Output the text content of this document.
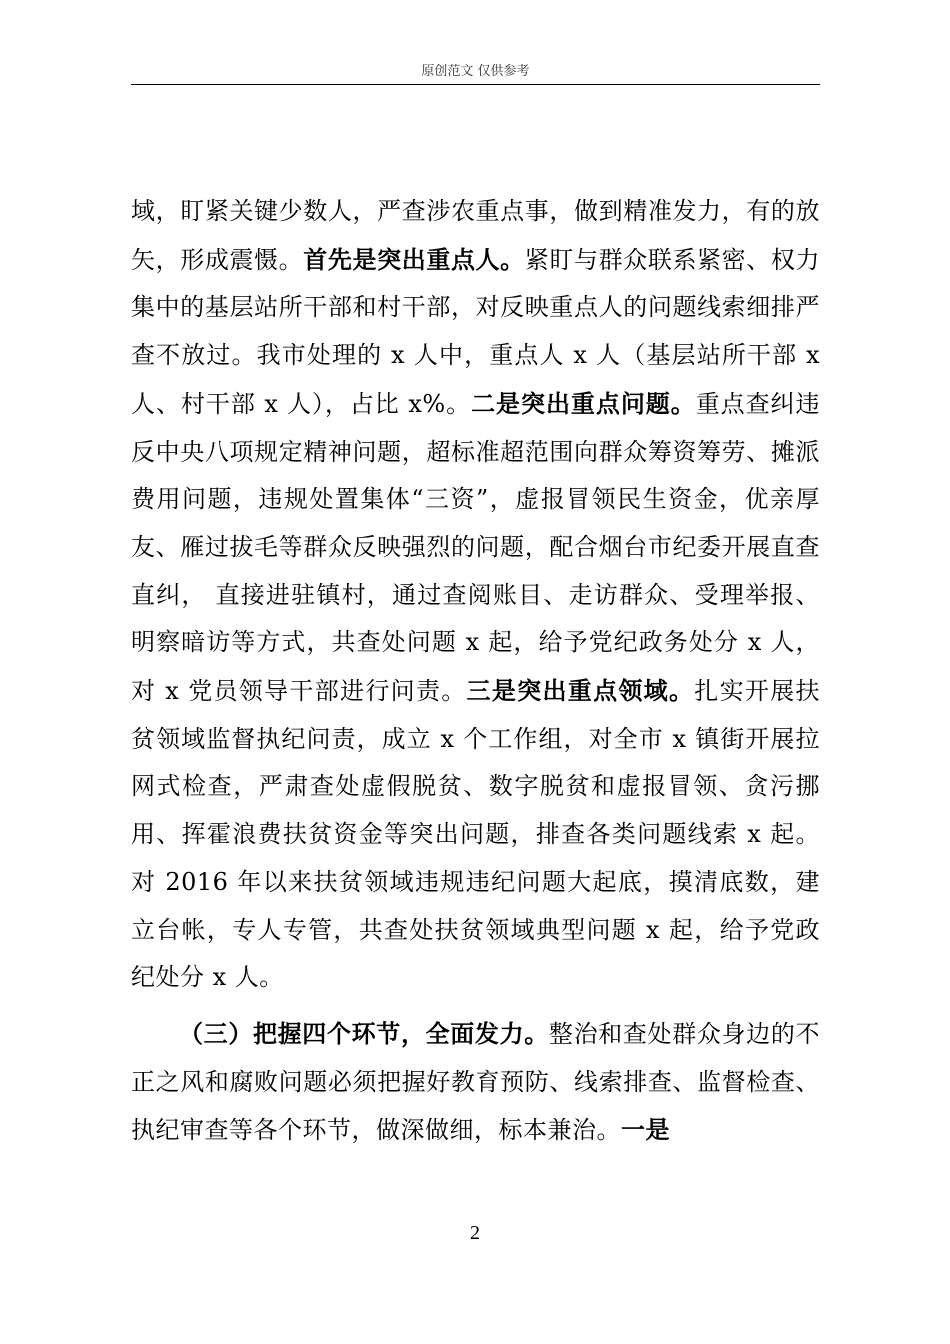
原创范文 仅供参考

域，盯紧关键少数人，严查涉农重点事，做到精准发力，有的放矢，形成震慑。首先是突出重点人。紧盯与群众联系紧密、权力集中的基层站所干部和村干部，对反映重点人的问题线索细排严查不放过。我市处理的 x 人中，重点人 x 人（基层站所干部 x 人、村干部 x 人），占比 x%。二是突出重点问题。重点查纠违反中央八项规定精神问题，超标准超范围向群众筹资筹劳、摊派费用问题，违规处置集体“三资”，虚报冒领民生资金，优亲厚友、雁过拔毛等群众反映强烈的问题，配合烟台市纪委开展直查直纠， 直接进驻镇村，通过查阅账目、走访群众、受理举报、明察暗访等方式，共查处问题 x 起，给予党纪政务处分 x 人，对 x 党员领导干部进行问责。三是突出重点领域。扎实开展扶贫领域监督执纪问责，成立 x 个工作组，对全市 x 镇街开展拉网式检查，严肃查处虚假脱贫、数字脱贫和虚报冒领、贪污挪用、挥霍浪费扶贫资金等突出问题，排查各类问题线索 x 起。对 2016 年以来扶贫领域违规违纪问题大起底，摸清底数，建立台帐，专人专管，共查处扶贫领域典型问题 x 起，给予党政纪处分 x 人。

（三）把握四个环节，全面发力。整治和查处群众身边的不正之风和腐败问题必须把握好教育预防、线索排查、监督检查、执纪审查等各个环节，做深做细，标本兼治。一是

2
